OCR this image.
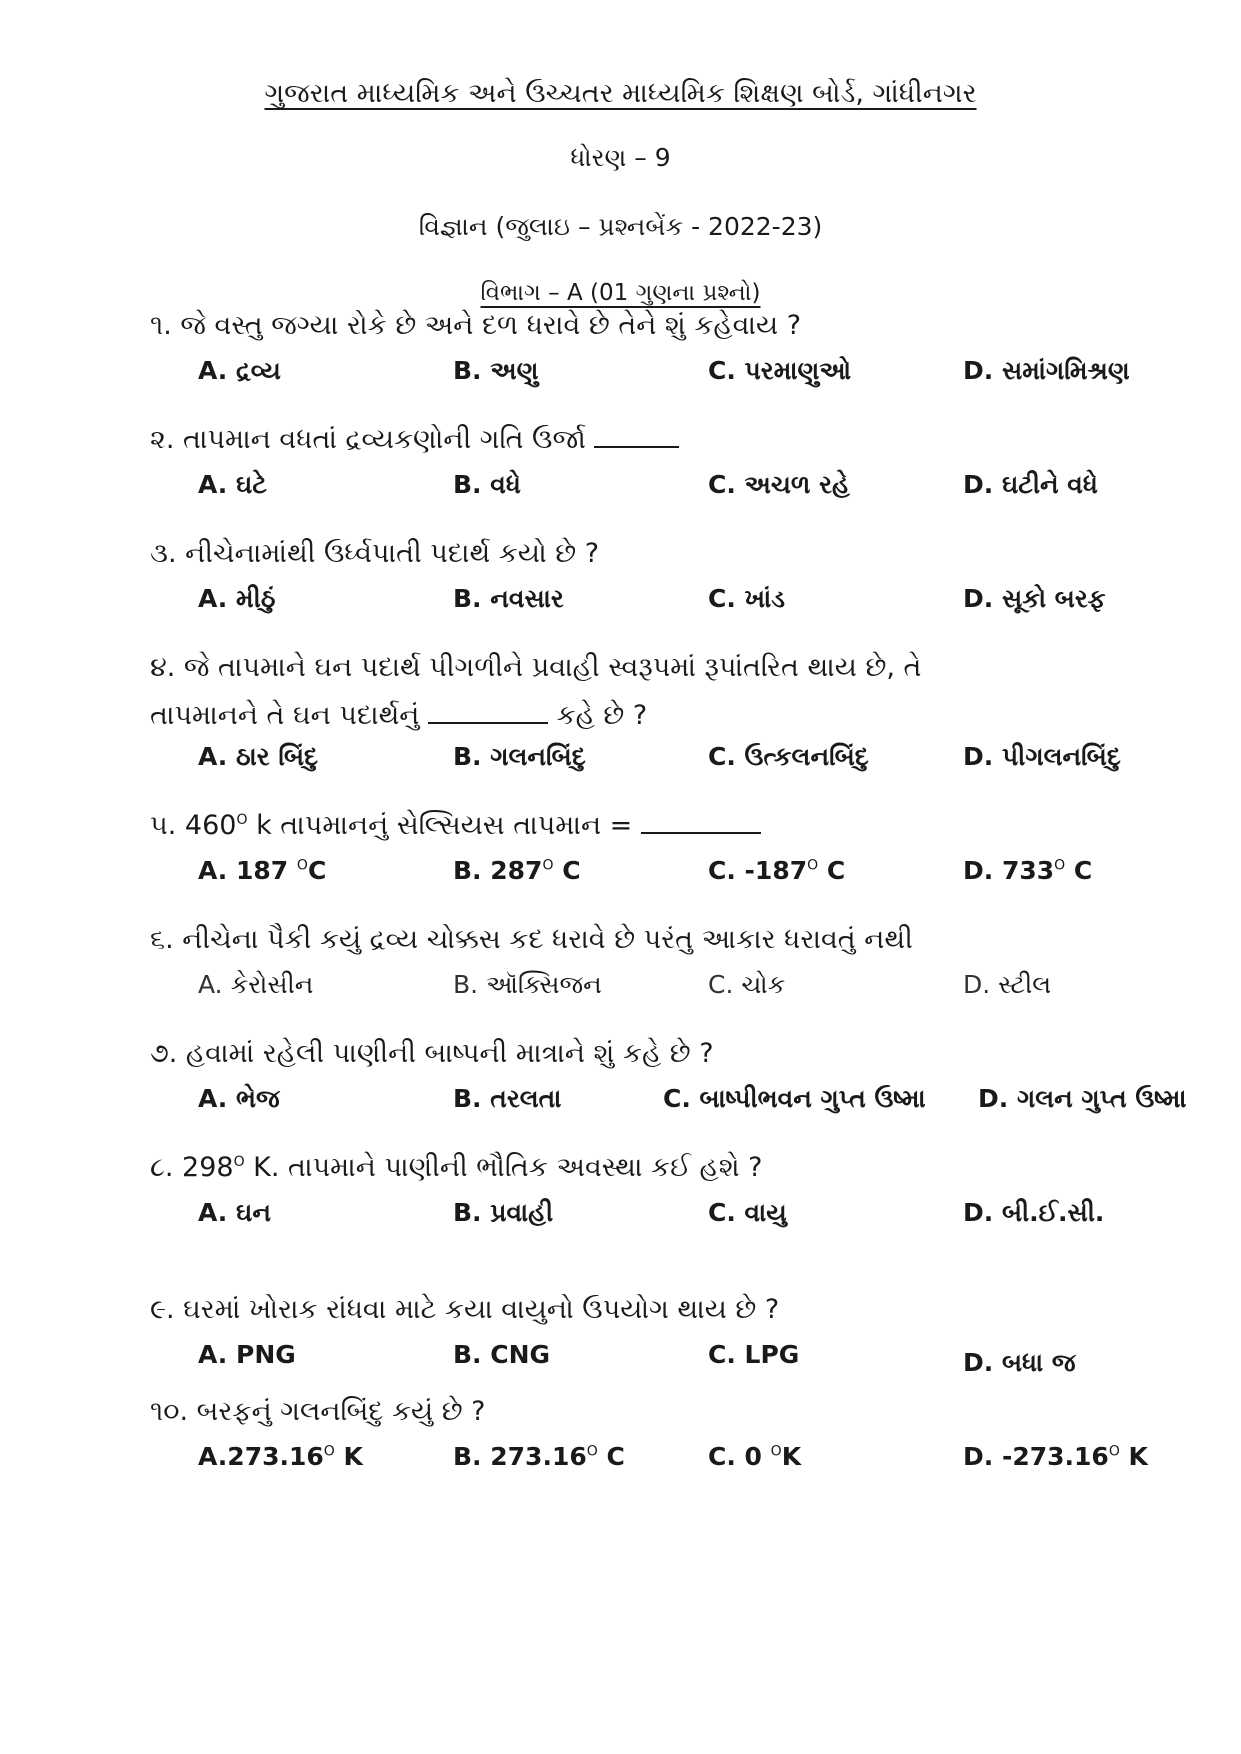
ગુજરાત માધ્યમિક અને ઉચ્ચતર માધ્યમિક શિક્ષણ બોર્ડ, ગાંધીનગર
ધોરણ – 9
વિજ્ઞાન (જુલાઇ – પ્રશ્નબેંક - 2022-23)
વિભાગ – A (01 ગુણના પ્રશ્નો)
૧. જે વસ્તુ જગ્યા રોકે છે અને દળ ધરાવે છે તેને શું કહેવાય ?
A. દ્રવ્ય	B. અણુ	C. પરમાણુઓ	D. સમાંગમિશ્રણ
૨. તાપમાન વધતાં દ્રવ્યકણોની ગતિ ઉર્જા
A. ઘટે	B. વધે	C. અચળ રહે	D. ઘટીને વધે
૩. નીચેનામાંથી ઉર્ધ્વપાતી પદાર્થ કયો છે ?
A. મીઠું	B. નવસાર	C. ખાંડ	D. સૂકો બરફ
૪. જે તાપમાને ઘન પદાર્થ પીગળીને પ્રવાહી સ્વરૂપમાં રૂપાંતરિત થાય છે, તે
તાપમાનને તે ઘન પદાર્થનું	કહે છે ?
A. ઠાર બિંદુ	B. ગલનબિંદુ	C. ઉત્કલનબિંદુ	D. પીગલનબિંદુ
૫. $460^O$ k તાપમાનનું સેલ્સિયસ તાપમાન =
A. 187 $^O$C	B. $287^O$ C	C. $-187^O$ C	D. $733^O$ C
૬. નીચેના પૈકી કયું દ્રવ્ય ચોક્કસ કદ ધરાવે છે પરંતુ આકાર ધરાવતું નથી
A. કેરોસીન	B. ઑક્સિજન	C. ચોક	D. સ્ટીલ
૭. હવામાં રહેલી પાણીની બાષ્પની માત્રાને શું કહે છે ?
A. ભેજ	B. તરલતા	C. બાષ્પીભવન ગુપ્ત ઉષ્મા D. ગલન ગુપ્ત ઉષ્મા
૮. $298^O$ K. તાપમાને પાણીની ભૌતિક અવસ્થા કઈ હશે ?
A. ઘન	B. પ્રવાહી	C. વાયુ	D. બી.ઈ.સી.
૯. ઘરમાં ખોરાક રાંધવા માટે કયા વાયુનો ઉપયોગ થાય છે ?
A. PNG	B. CNG	C. LPG	D. બધા જ
૧૦. બરફનું ગલનબિંદુ કયું છે ?
$A.273.16^O$ K	B. $273.16^O$ C	C. 0 $^O$K	D. $-273.16^O$ K
